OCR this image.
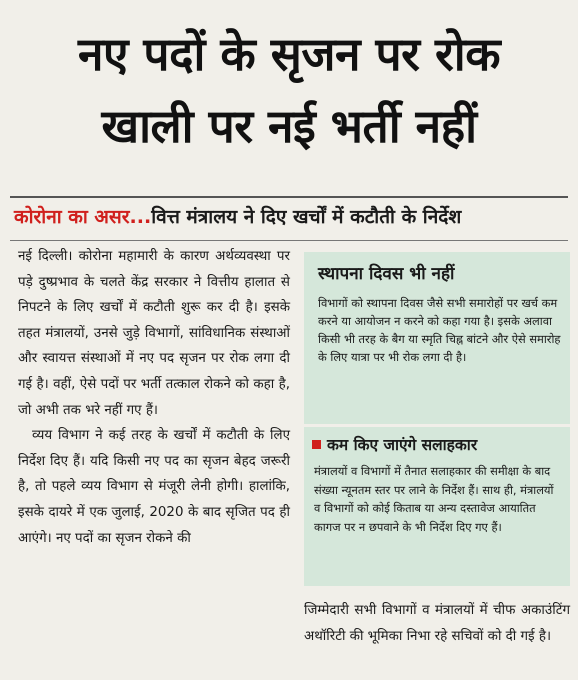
नए पदों के सृजन पर रोक
खाली पर नई भर्ती नहीं
कोरोना का असर...वित्त मंत्रालय ने दिए खर्चों में कटौती के निर्देश

नई दिल्ली। कोरोना महामारी के कारण अर्थव्यवस्था पर पड़े दुष्प्रभाव के चलते केंद्र सरकार ने वित्तीय हालात से निपटने के लिए खर्चों में कटौती शुरू कर दी है। इसके तहत मंत्रालयों, उनसे जुड़े विभागों, सांविधानिक संस्थाओं और स्वायत्त संस्थाओं में नए पद सृजन पर रोक लगा दी गई है। वहीं, ऐसे पदों पर भर्ती तत्काल रोकने को कहा है, जो अभी तक भरे नहीं गए हैं।

व्यय विभाग ने कई तरह के खर्चों में कटौती के लिए निर्देश दिए हैं। यदि किसी नए पद का सृजन बेहद जरूरी है, तो पहले व्यय विभाग से मंजूरी लेनी होगी। हालांकि, इसके दायरे में एक जुलाई, 2020 के बाद सृजित पद ही आएंगे। नए पदों का सृजन रोकने की

स्थापना दिवस भी नहीं
विभागों को स्थापना दिवस जैसे सभी समारोहों पर खर्च कम करने या आयोजन न करने को कहा गया है। इसके अलावा किसी भी तरह के बैग या स्मृति चिह्न बांटने और ऐसे समारोह के लिए यात्रा पर भी रोक लगा दी है।
कम किए जाएंगे सलाहकार
मंत्रालयों व विभागों में तैनात सलाहकार की समीक्षा के बाद संख्या न्यूनतम स्तर पर लाने के निर्देश हैं। साथ ही, मंत्रालयों व विभागों को कोई किताब या अन्य दस्तावेज आयातित कागज पर न छपवाने के भी निर्देश दिए गए हैं।
जिम्मेदारी सभी विभागों व मंत्रालयों में चीफ अकाउंटिंग अथॉरिटी की भूमिका निभा रहे सचिवों को दी गई है।
